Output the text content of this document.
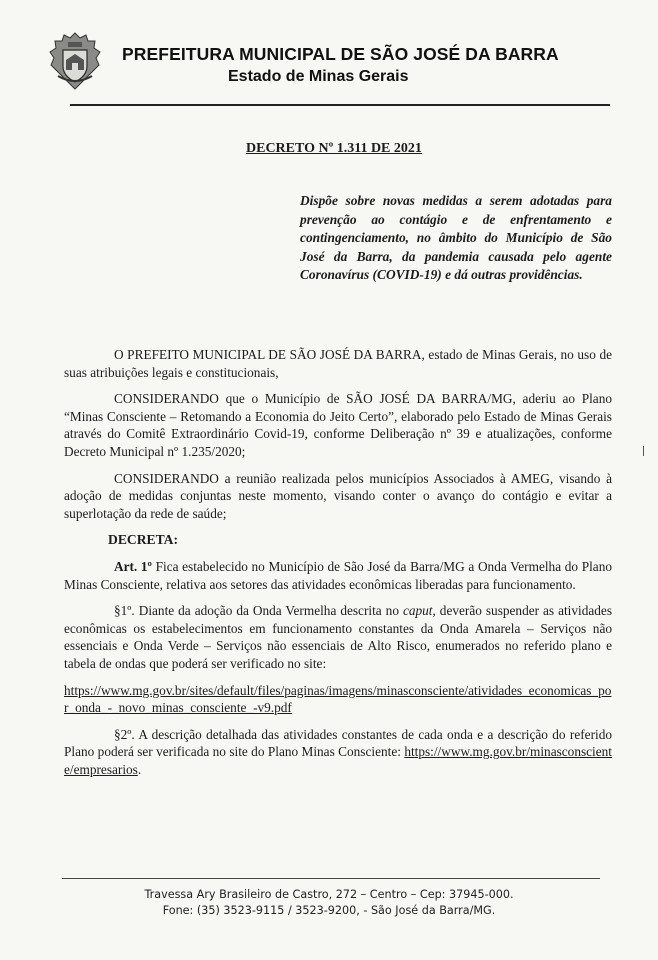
PREFEITURA MUNICIPAL DE SÃO JOSÉ DA BARRA
Estado de Minas Gerais
DECRETO Nº 1.311 DE 2021
Dispõe sobre novas medidas a serem adotadas para prevenção ao contágio e de enfrentamento e contingenciamento, no âmbito do Município de São José da Barra, da pandemia causada pelo agente Coronavírus (COVID-19) e dá outras providências.

O PREFEITO MUNICIPAL DE SÃO JOSÉ DA BARRA, estado de Minas Gerais, no uso de suas atribuições legais e constitucionais,

CONSIDERANDO que o Município de SÃO JOSÉ DA BARRA/MG, aderiu ao Plano “Minas Consciente – Retomando a Economia do Jeito Certo”, elaborado pelo Estado de Minas Gerais através do Comitê Extraordinário Covid-19, conforme Deliberação nº 39 e atualizações, conforme Decreto Municipal nº 1.235/2020;

CONSIDERANDO a reunião realizada pelos municípios Associados à AMEG, visando à adoção de medidas conjuntas neste momento, visando conter o avanço do contágio e evitar a superlotação da rede de saúde;

DECRETA:

Art. 1º Fica estabelecido no Município de São José da Barra/MG a Onda Vermelha do Plano Minas Consciente, relativa aos setores das atividades econômicas liberadas para funcionamento.

§1º. Diante da adoção da Onda Vermelha descrita no caput, deverão suspender as atividades econômicas os estabelecimentos em funcionamento constantes da Onda Amarela – Serviços não essenciais e Onda Verde – Serviços não essenciais de Alto Risco, enumerados no referido plano e tabela de ondas que poderá ser verificado no site:

https://www.mg.gov.br/sites/default/files/paginas/imagens/minasconsciente/atividades_economicas_por_onda_-_novo_minas_consciente_-v9.pdf

§2º. A descrição detalhada das atividades constantes de cada onda e a descrição do referido Plano poderá ser verificada no site do Plano Minas Consciente: https://www.mg.gov.br/minasconsciente/empresarios.

Travessa Ary Brasileiro de Castro, 272 – Centro – Cep: 37945-000.
Fone: (35) 3523-9115 / 3523-9200, - São José da Barra/MG.
